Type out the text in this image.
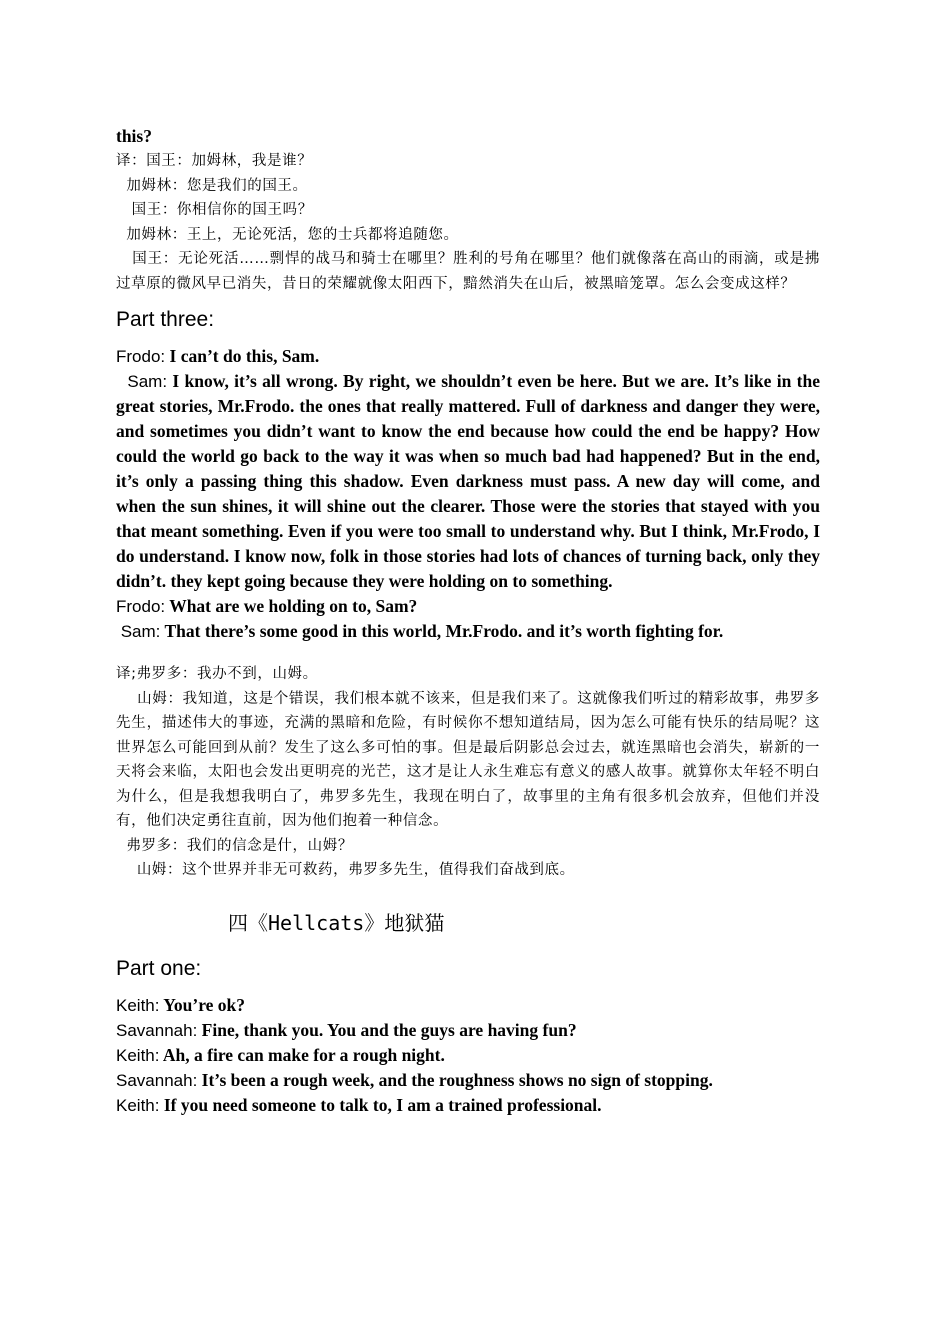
this?

译：国王：加姆林，我是谁？

加姆林：您是我们的国王。

国王：你相信你的国王吗？

加姆林：王上，无论死活，您的士兵都将追随您。

国王：无论死活……剽悍的战马和骑士在哪里？胜利的号角在哪里？他们就像落在高山的雨滴，或是拂过草原的微风早已消失，昔日的荣耀就像太阳西下，黯然消失在山后，被黑暗笼罩。怎么会变成这样？

Part three:

Frodo: I can’t do this, Sam.

Sam: I know, it’s all wrong. By right, we shouldn’t even be here. But we are. It’s like in the great stories, Mr.Frodo. the ones that really mattered. Full of darkness and danger they were, and sometimes you didn’t want to know the end because how could the end be happy? How could the world go back to the way it was when so much bad had happened? But in the end, it’s only a passing thing this shadow. Even darkness must pass. A new day will come, and when the sun shines, it will shine out the clearer. Those were the stories that stayed with you that meant something. Even if you were too small to understand why. But I think, Mr.Frodo, I do understand. I know now, folk in those stories had lots of chances of turning back, only they didn’t. they kept going because they were holding on to something.

Frodo: What are we holding on to, Sam?

Sam: That there’s some good in this world, Mr.Frodo. and it’s worth fighting for.

译;弗罗多：我办不到，山姆。

山姆：我知道，这是个错误，我们根本就不该来，但是我们来了。这就像我们听过的精彩故事，弗罗多先生，描述伟大的事迹，充满的黑暗和危险，有时候你不想知道结局，因为怎么可能有快乐的结局呢？这世界怎么可能回到从前？发生了这么多可怕的事。但是最后阴影总会过去，就连黑暗也会消失，崭新的一天将会来临，太阳也会发出更明亮的光芒，这才是让人永生难忘有意义的感人故事。就算你太年轻不明白为什么，但是我想我明白了，弗罗多先生，我现在明白了，故事里的主角有很多机会放弃，但他们并没有，他们决定勇往直前，因为他们抱着一种信念。

弗罗多：我们的信念是什，山姆？

山姆：这个世界并非无可救药，弗罗多先生，值得我们奋战到底。

四《Hellcats》地狱猫

Part one:

Keith: You’re ok?

Savannah: Fine, thank you. You and the guys are having fun?

Keith: Ah, a fire can make for a rough night.

Savannah: It’s been a rough week, and the roughness shows no sign of stopping.

Keith: If you need someone to talk to, I am a trained professional.
